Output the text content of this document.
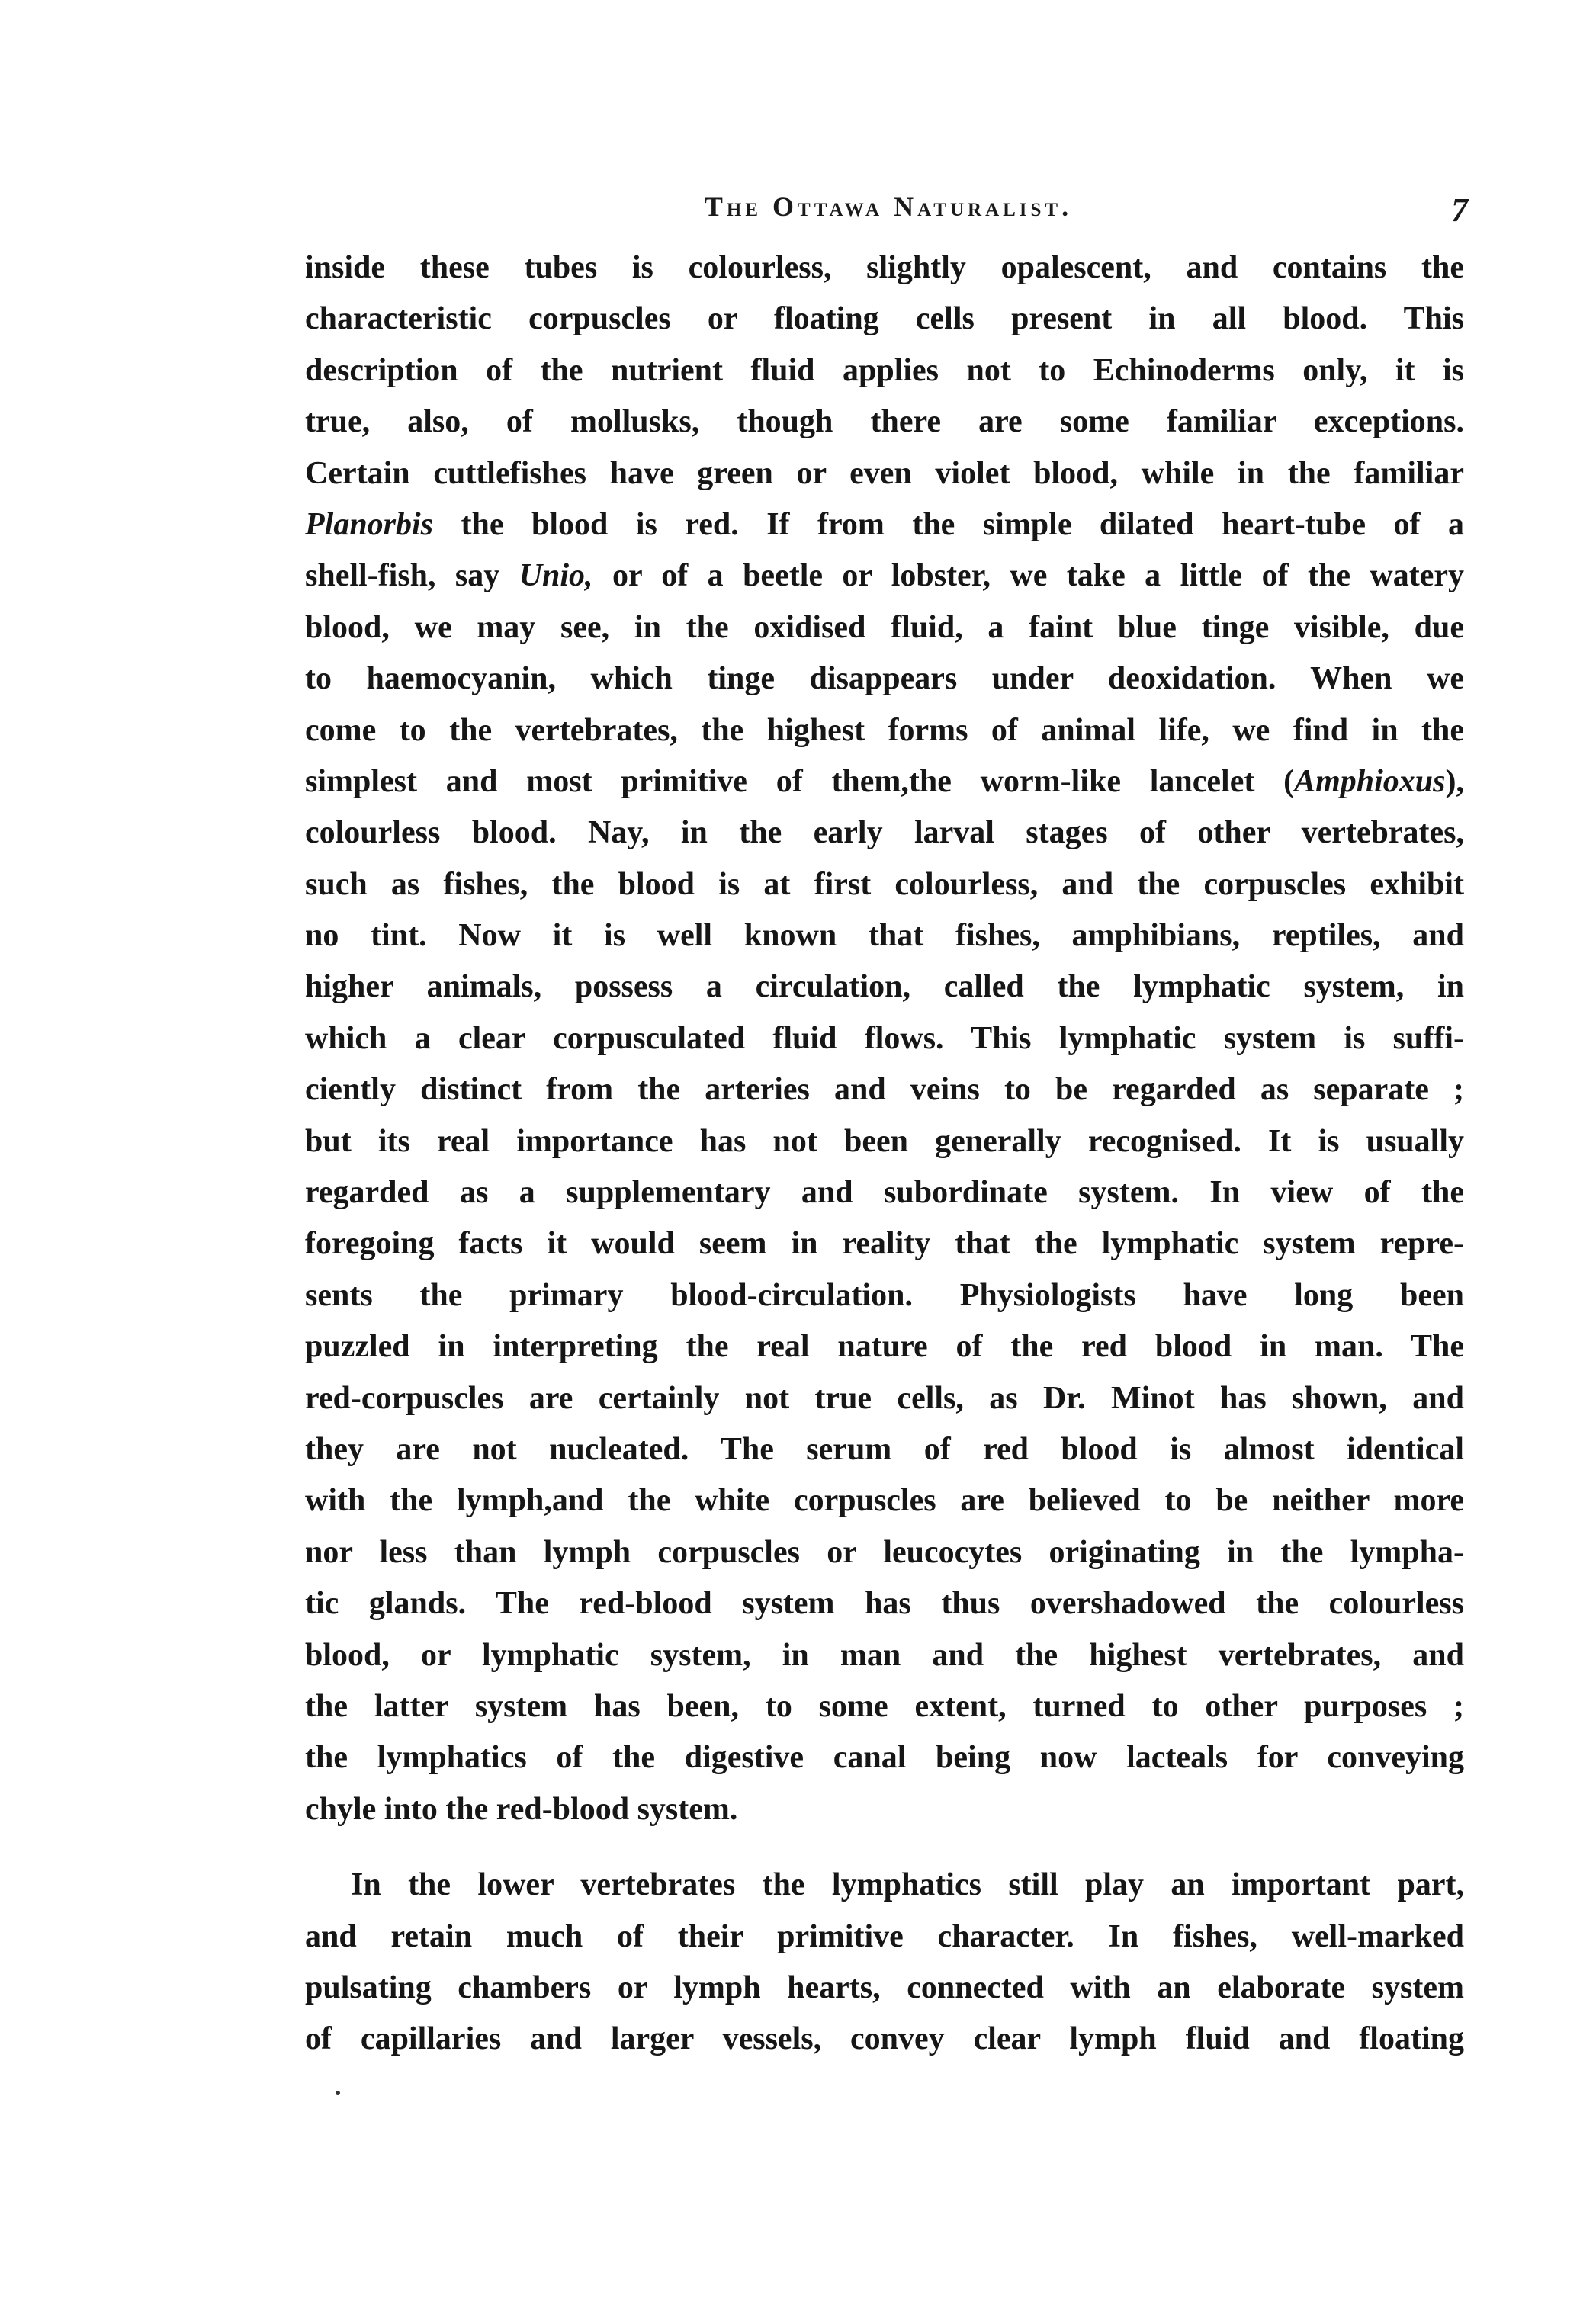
The Ottawa Naturalist.	7
inside these tubes is colourless, slightly opalescent, and contains the
characteristic corpuscles or floating cells present in all blood. This
description of the nutrient fluid applies not to Echinoderms only, it is
true, also, of mollusks, though there are some familiar exceptions.
Certain cuttlefishes have green or even violet blood, while in the familiar
Planorbis the blood is red. If from the simple dilated heart-tube of a
shell-fish, say Unio, or of a beetle or lobster, we take a little of the watery
blood, we may see, in the oxidised fluid, a faint blue tinge visible, due
to haemocyanin, which tinge disappears under deoxidation. When we
come to the vertebrates, the highest forms of animal life, we find in the
simplest and most primitive of them,the worm-like lancelet (Amphioxus),
colourless blood. Nay, in the early larval stages of other vertebrates,
such as fishes, the blood is at first colourless, and the corpuscles exhibit
no tint. Now it is well known that fishes, amphibians, reptiles, and
higher animals, possess a circulation, called the lymphatic system, in
which a clear corpusculated fluid flows. This lymphatic system is suffi-
ciently distinct from the arteries and veins to be regarded as separate ;
but its real importance has not been generally recognised. It is usually
regarded as a supplementary and subordinate system. In view of the
foregoing facts it would seem in reality that the lymphatic system repre-
sents the primary blood-circulation. Physiologists have long been
puzzled in interpreting the real nature of the red blood in man. The
red-corpuscles are certainly not true cells, as Dr. Minot has shown, and
they are not nucleated. The serum of red blood is almost identical
with the lymph,and the white corpuscles are believed to be neither more
nor less than lymph corpuscles or leucocytes originating in the lympha-
tic glands. The red-blood system has thus overshadowed the colourless
blood, or lymphatic system, in man and the highest vertebrates, and
the latter system has been, to some extent, turned to other purposes ;
the lymphatics of the digestive canal being now lacteals for conveying
chyle into the red-blood system.
In the lower vertebrates the lymphatics still play an important part,
and retain much of their primitive character. In fishes, well-marked
pulsating chambers or lymph hearts, connected with an elaborate system
of capillaries and larger vessels, convey clear lymph fluid and floating
